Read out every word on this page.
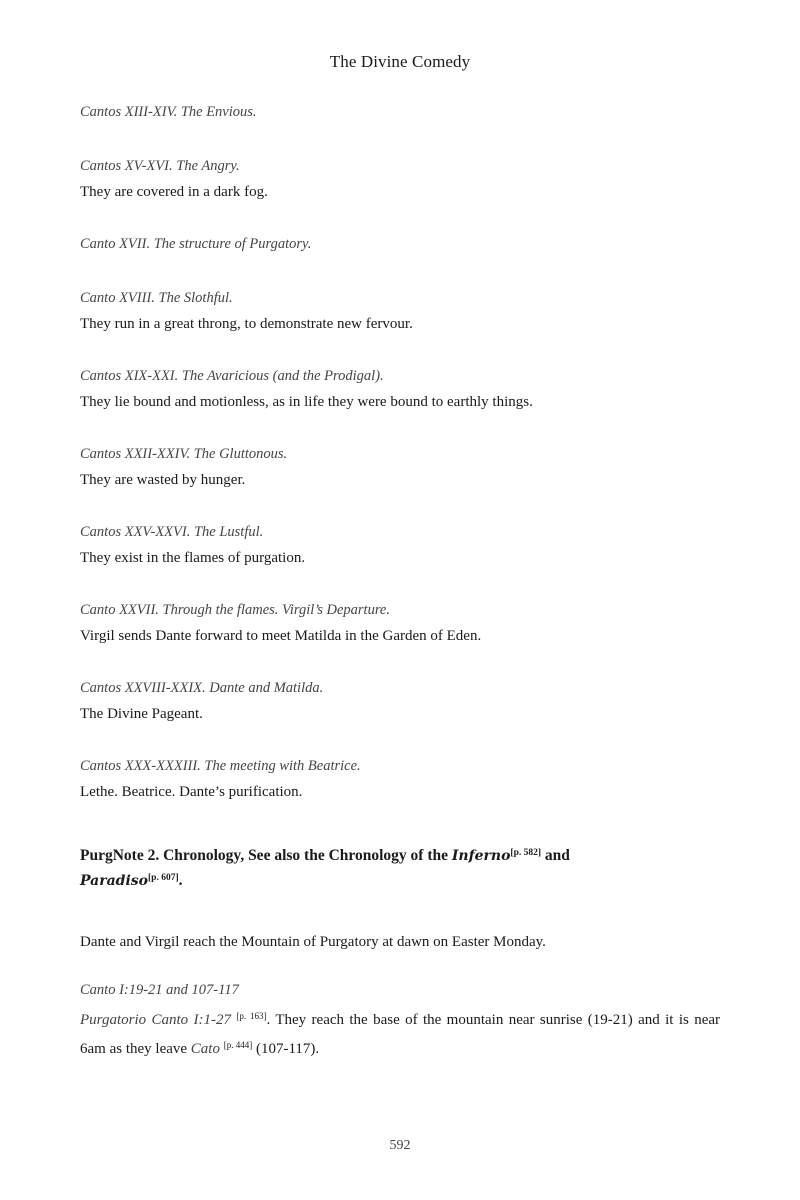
The Divine Comedy

Cantos XIII-XIV. The Envious.

Cantos XV-XVI. The Angry.

They are covered in a dark fog.

Canto XVII. The structure of Purgatory.

Canto XVIII. The Slothful.

They run in a great throng, to demonstrate new fervour.

Cantos XIX-XXI. The Avaricious (and the Prodigal).

They lie bound and motionless, as in life they were bound to earthly things.

Cantos XXII-XXIV. The Gluttonous.

They are wasted by hunger.

Cantos XXV-XXVI. The Lustful.

They exist in the flames of purgation.

Canto XXVII. Through the flames. Virgil’s Departure.

Virgil sends Dante forward to meet Matilda in the Garden of Eden.

Cantos XXVIII-XXIX. Dante and Matilda.

The Divine Pageant.

Cantos XXX-XXXIII. The meeting with Beatrice.

Lethe. Beatrice. Dante’s purification.

PurgNote 2. Chronology, See also the Chronology of the Inferno[p. 582] and
Paradiso[p. 607].

Dante and Virgil reach the Mountain of Purgatory at dawn on Easter Monday.

Canto I:19-21 and 107-117

Purgatorio Canto I:1-27 [p. 163]. They reach the base of the mountain near sunrise (19-21) and it is near 6am as they leave Cato [p. 444] (107-117).

592
